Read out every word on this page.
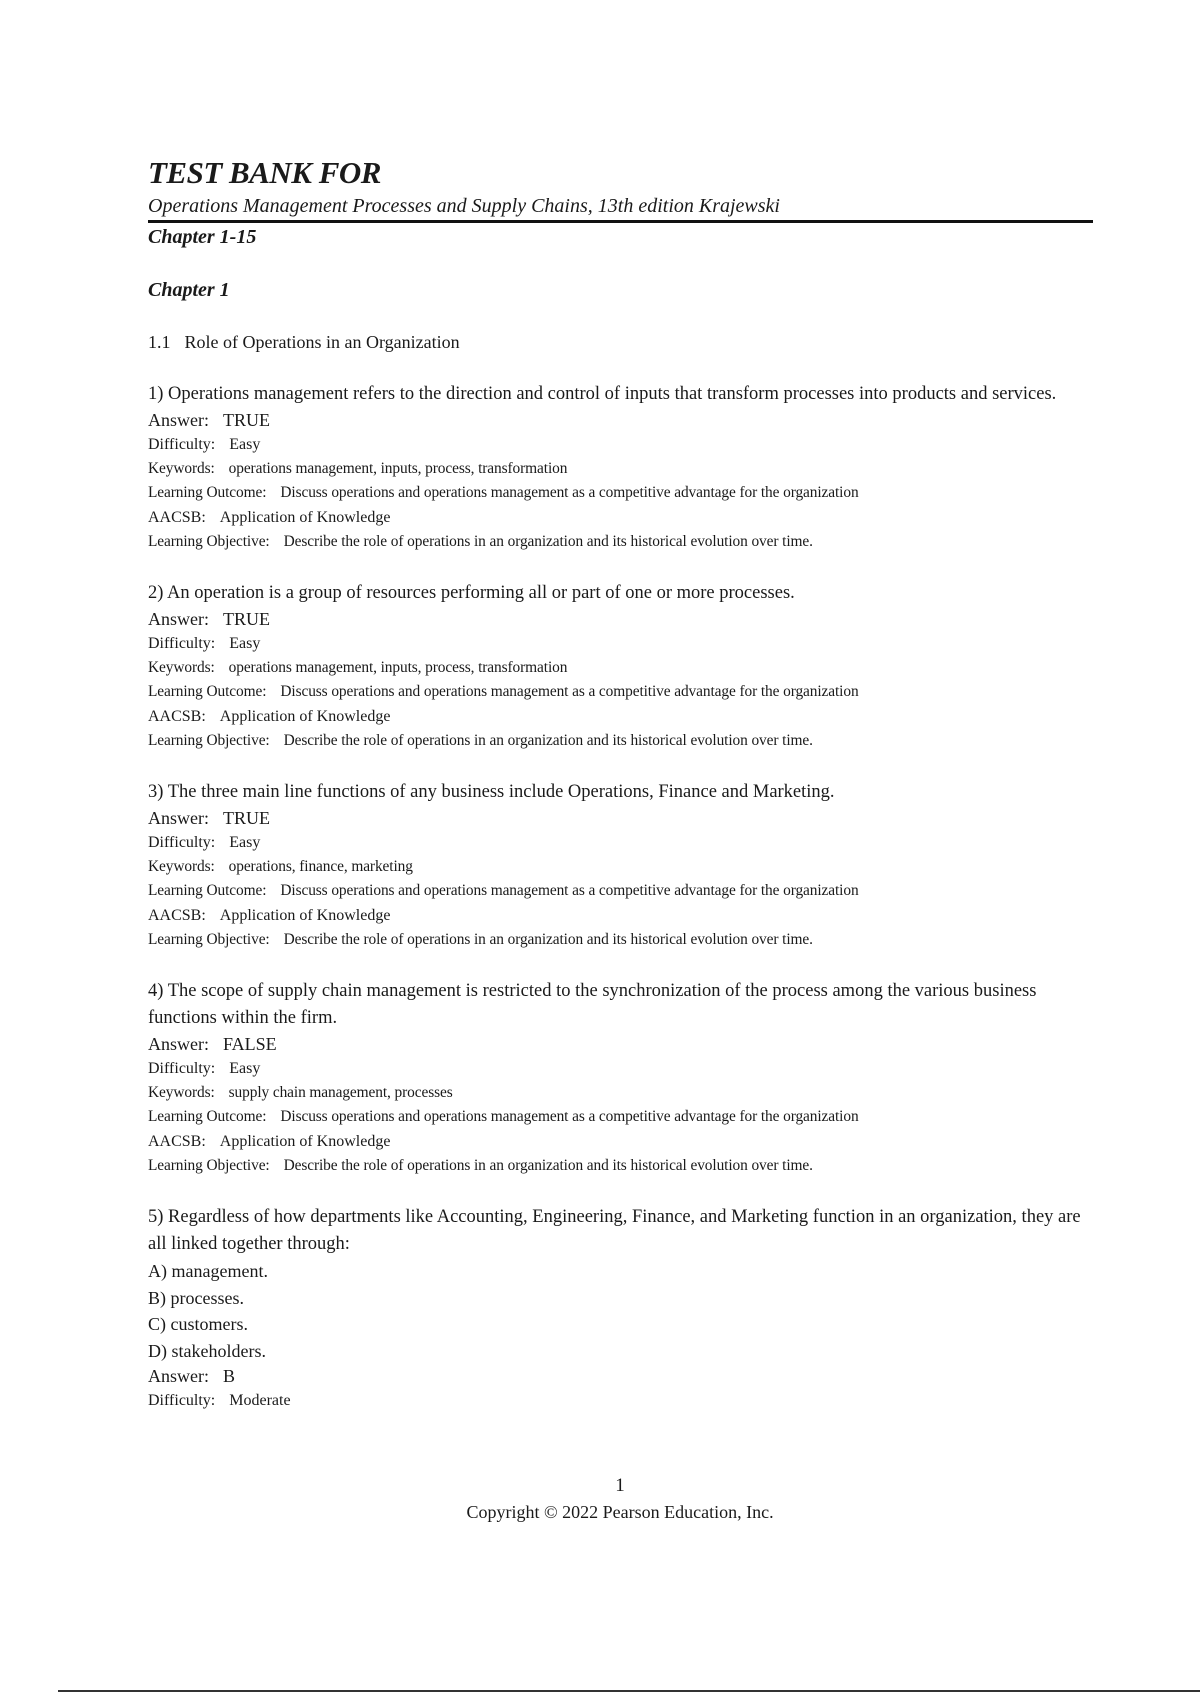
TEST BANK FOR

Operations Management Processes and Supply Chains, 13th edition Krajewski

Chapter 1-15

Chapter 1

1.1 Role of Operations in an Organization

1) Operations management refers to the direction and control of inputs that transform processes into products and services.

Answer: TRUE

Difficulty: Easy

Keywords: operations management, inputs, process, transformation

Learning Outcome: Discuss operations and operations management as a competitive advantage for the organization

AACSB: Application of Knowledge

Learning Objective: Describe the role of operations in an organization and its historical evolution over time.

2) An operation is a group of resources performing all or part of one or more processes.

Answer: TRUE

Difficulty: Easy

Keywords: operations management, inputs, process, transformation

Learning Outcome: Discuss operations and operations management as a competitive advantage for the organization

AACSB: Application of Knowledge

Learning Objective: Describe the role of operations in an organization and its historical evolution over time.

3) The three main line functions of any business include Operations, Finance and Marketing.

Answer: TRUE

Difficulty: Easy

Keywords: operations, finance, marketing

Learning Outcome: Discuss operations and operations management as a competitive advantage for the organization

AACSB: Application of Knowledge

Learning Objective: Describe the role of operations in an organization and its historical evolution over time.

4) The scope of supply chain management is restricted to the synchronization of the process among the various business functions within the firm.

Answer: FALSE

Difficulty: Easy

Keywords: supply chain management, processes

Learning Outcome: Discuss operations and operations management as a competitive advantage for the organization

AACSB: Application of Knowledge

Learning Objective: Describe the role of operations in an organization and its historical evolution over time.

5) Regardless of how departments like Accounting, Engineering, Finance, and Marketing function in an organization, they are all linked together through:

A) management.

B) processes.

C) customers.

D) stakeholders.

Answer: B

Difficulty: Moderate

1

Copyright © 2022 Pearson Education, Inc.
